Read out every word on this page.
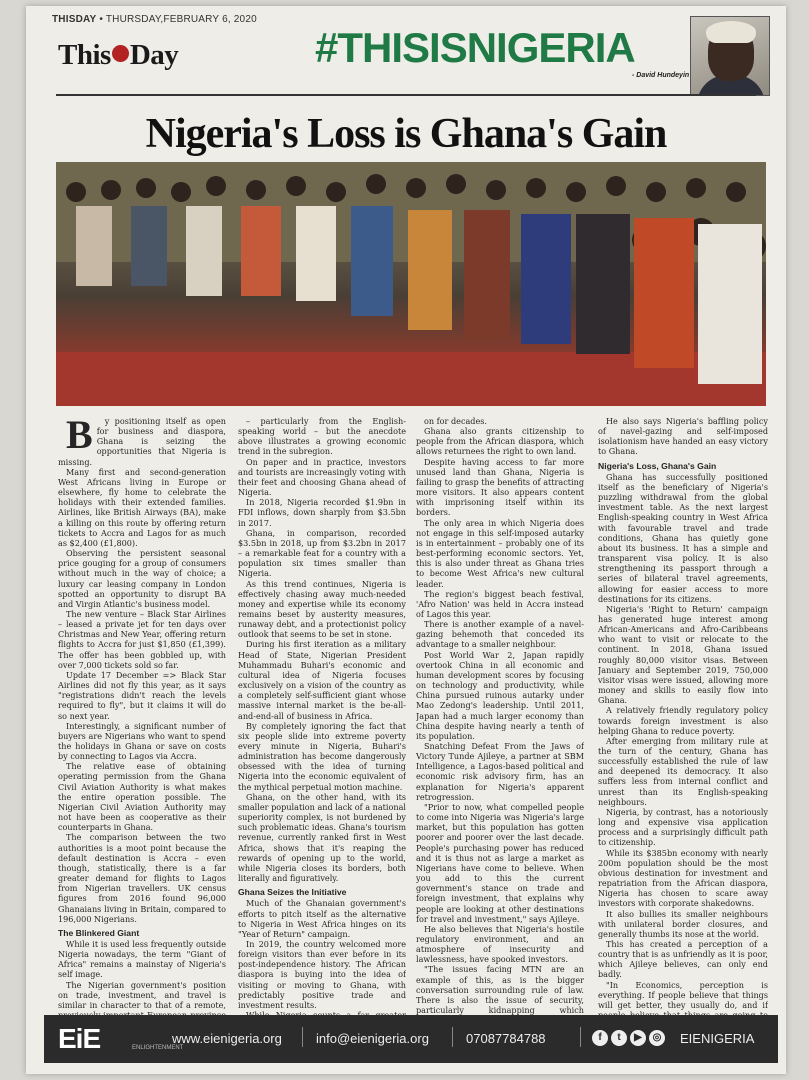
THISDAY • THURSDAY,FEBRUARY 6, 2020
This Day	#THISISNIGERIA
- David Hundeyin
Nigeria's Loss is Ghana's Gain

B y positioning itself as open for business and diaspora, Ghana is seizing the opportunities that Nigeria is missing.

Many first and second-generation West Africans living in Europe or elsewhere, fly home to celebrate the holidays with their extended families. Airlines, like British Airways (BA), make a killing on this route by offering return tickets to Accra and Lagos for as much as $2,400 (£1,800).

Observing the persistent seasonal price gouging for a group of consumers without much in the way of choice; a luxury car leasing company in London spotted an opportunity to disrupt BA and Virgin Atlantic's business model.

The new venture – Black Star Airlines – leased a private jet for ten days over Christmas and New Year, offering return flights to Accra for just $1,850 (£1,399). The offer has been gobbled up, with over 7,000 tickets sold so far.

Update 17 December => Black Star Airlines did not fly this year, as it says "registrations didn't reach the levels required to fly", but it claims it will do so next year.

Interestingly, a significant number of buyers are Nigerians who want to spend the holidays in Ghana or save on costs by connecting to Lagos via Accra.

The relative ease of obtaining operating permission from the Ghana Civil Aviation Authority is what makes the entire operation possible. The Nigerian Civil Aviation Authority may not have been as cooperative as their counterparts in Ghana.

The comparison between the two authorities is a moot point because the default destination is Accra – even though, statistically, there is a far greater demand for flights to Lagos from Nigerian travellers. UK census figures from 2016 found 96,000 Ghanaians living in Britain, compared to 196,000 Nigerians.

The Blinkered Giant

While it is used less frequently outside Nigeria nowadays, the term "Giant of Africa" remains a mainstay of Nigeria's self image.

The Nigerian government's position on trade, investment, and travel is similar in character to that of a remote,

– particularly from the English-speaking world – but the anecdote above illustrates a growing economic trend in the subregion.

On paper and in practice, investors and tourists are increasingly voting with their feet and choosing Ghana ahead of Nigeria.

In 2018, Nigeria recorded $1.9bn in FDI inflows, down sharply from $3.5bn in 2017.

Ghana, in comparison, recorded $3.5bn in 2018, up from $3.2bn in 2017 – a remarkable feat for a country with a population six times smaller than Nigeria.

As this trend continues, Nigeria is effectively chasing away much-needed money and expertise while its economy remains beset by austerity measures, runaway debt, and a protectionist policy outlook that seems to be set in stone.

During his first iteration as a military Head of State, Nigerian President Muhammadu Buhari's economic and cultural idea of Nigeria focuses exclusively on a vision of the country as a completely self-sufficient giant whose massive internal market is the be-all-and-end-all of business in Africa.

By completely ignoring the fact that six people slide into extreme poverty every minute in Nigeria, Buhari's administration has become dangerously obsessed with the idea of turning Nigeria into the economic equivalent of the mythical perpetual motion machine.

Ghana, on the other hand, with its smaller population and lack of a national superiority complex, is not burdened by such problematic ideas. Ghana's tourism revenue, currently ranked first in West Africa, shows that it's reaping the rewards of opening up to the world, while Nigeria closes its borders, both literally and figuratively.

Ghana Seizes the Initiative

Much of the Ghanaian government's efforts to pitch itself as the alternative to Nigeria in West Africa hinges on its "Year of Return" campaign.

In 2019, the country welcomed more foreign visitors than ever before in its post-independence history. The African diaspora is buying into the idea of visiting or moving to Ghana, with predictably positive trade and investment results.

on for decades.

Ghana also grants citizenship to people from the African diaspora, which allows returnees the right to own land.

Despite having access to far more unused land than Ghana, Nigeria is failing to grasp the benefits of attracting more visitors. It also appears content with imprisoning itself within its borders.

The only area in which Nigeria does not engage in this self-imposed autarky is in entertainment – probably one of its best-performing economic sectors. Yet, this is also under threat as Ghana tries to become West Africa's new cultural leader.

The region's biggest beach festival, 'Afro Nation' was held in Accra instead of Lagos this year.

There is another example of a navel-gazing behemoth that conceded its advantage to a smaller neighbour.

Post World War 2, Japan rapidly overtook China in all economic and human development scores by focusing on technology and productivity, while China pursued ruinous autarky under Mao Zedong's leadership. Until 2011, Japan had a much larger economy than China despite having nearly a tenth of its population.

Snatching Defeat From the Jaws of Victory Tunde Ajileye, a partner at SBM Intelligence, a Lagos-based political and economic risk advisory firm, has an explanation for Nigeria's apparent retrogression.

"Prior to now, what compelled people to come into Nigeria was Nigeria's large market, but this population has gotten poorer and poorer over the last decade. People's purchasing power has reduced and it is thus not as large a market as Nigerians have come to believe. When you add to this the current government's stance on trade and foreign investment, that explains why people are looking at other destinations for travel and investment," says Ajileye.

He also believes that Nigeria's hostile regulatory environment, and an atmosphere of insecurity and lawlessness, have spooked investors.

"The issues facing MTN are an example of this, as is the bigger conversation surrounding rule of law. There is also the issue of security, particularly kidnapping which

He also says Nigeria's baffling policy of navel-gazing and self-imposed isolationism have handed an easy victory to Ghana.

Nigeria's Loss, Ghana's Gain

Ghana has successfully positioned itself as the beneficiary of Nigeria's puzzling withdrawal from the global investment table. As the next largest English-speaking country in West Africa with favourable travel and trade conditions, Ghana has quietly gone about its business. It has a simple and transparent visa policy. It is also strengthening its passport through a series of bilateral travel agreements, allowing for easier access to more destinations for its citizens.

Nigeria's 'Right to Return' campaign has generated huge interest among African-Americans and Afro-Caribbeans who want to visit or relocate to the continent. In 2018, Ghana issued roughly 80,000 visitor visas. Between January and September 2019, 750,000 visitor visas were issued, allowing more money and skills to easily flow into Ghana.

A relatively friendly regulatory policy towards foreign investment is also helping Ghana to reduce poverty.

After emerging from military rule at the turn of the century, Ghana has successfully established the rule of law and deepened its democracy. It also suffers less from internal conflict and unrest than its English-speaking neighbours.

Nigeria, by contrast, has a notoriously long and expensive visa application process and a surprisingly difficult path to citizenship.

While its $385bn economy with nearly 200m population should be the most obvious destination for investment and repatriation from the African diaspora, Nigeria has chosen to scare away investors with corporate shakedowns.

It also bullies its smaller neighbours with unilateral border closures, and generally thumbs its nose at the world.

This has created a perception of a country that is as unfriendly as it is poor, which Ajileye believes, can only end badly.

"In Economics, perception is everything. If people believe that things will get better, they usually do, and if

EiE	ENLIGHTENMENT
www.eienigeria.org	info@eienigeria.org	07087784788	f	t	▶	◎ EIENIGERIA
